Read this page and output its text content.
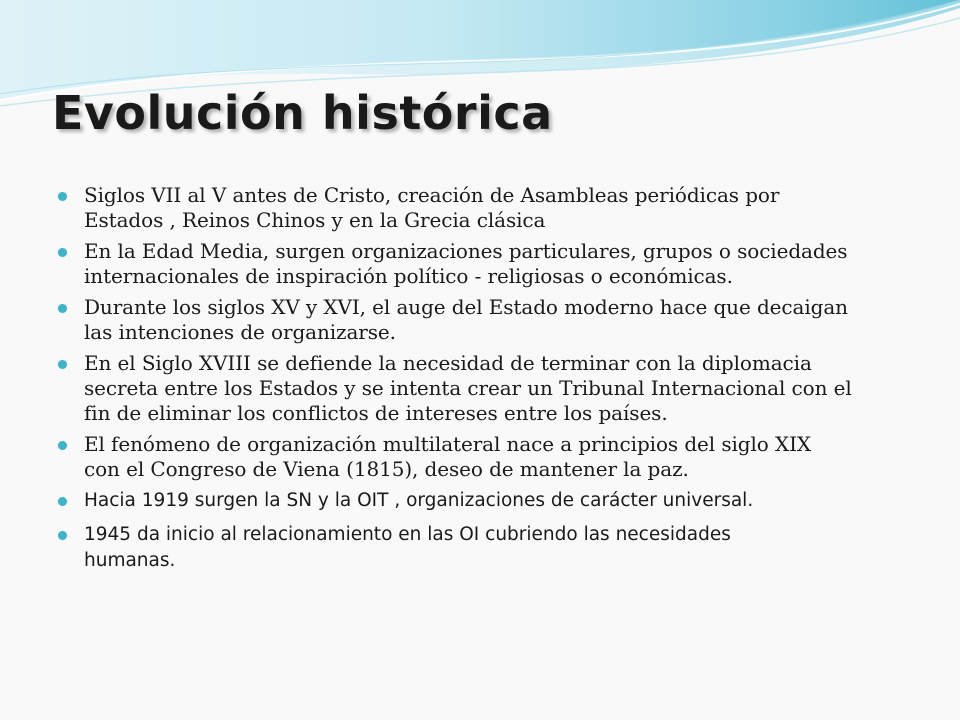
Evolución histórica
Siglos VII al V antes de Cristo, creación de Asambleas periódicas por
Estados , Reinos Chinos y en la Grecia clásica
En la Edad Media, surgen organizaciones particulares, grupos o sociedades
internacionales de inspiración político - religiosas o económicas.
Durante los siglos XV y XVI, el auge del Estado moderno hace que decaigan
las intenciones de organizarse.
En el Siglo XVIII se defiende la necesidad de terminar con la diplomacia
secreta entre los Estados y se intenta crear un Tribunal Internacional con el
fin de eliminar los conflictos de intereses entre los países.
El fenómeno de organización multilateral nace a principios del siglo XIX
con el Congreso de Viena (1815), deseo de mantener la paz.
Hacia 1919 surgen la SN y la OIT , organizaciones de carácter universal.
1945 da inicio al relacionamiento en las OI cubriendo las necesidades
humanas.
